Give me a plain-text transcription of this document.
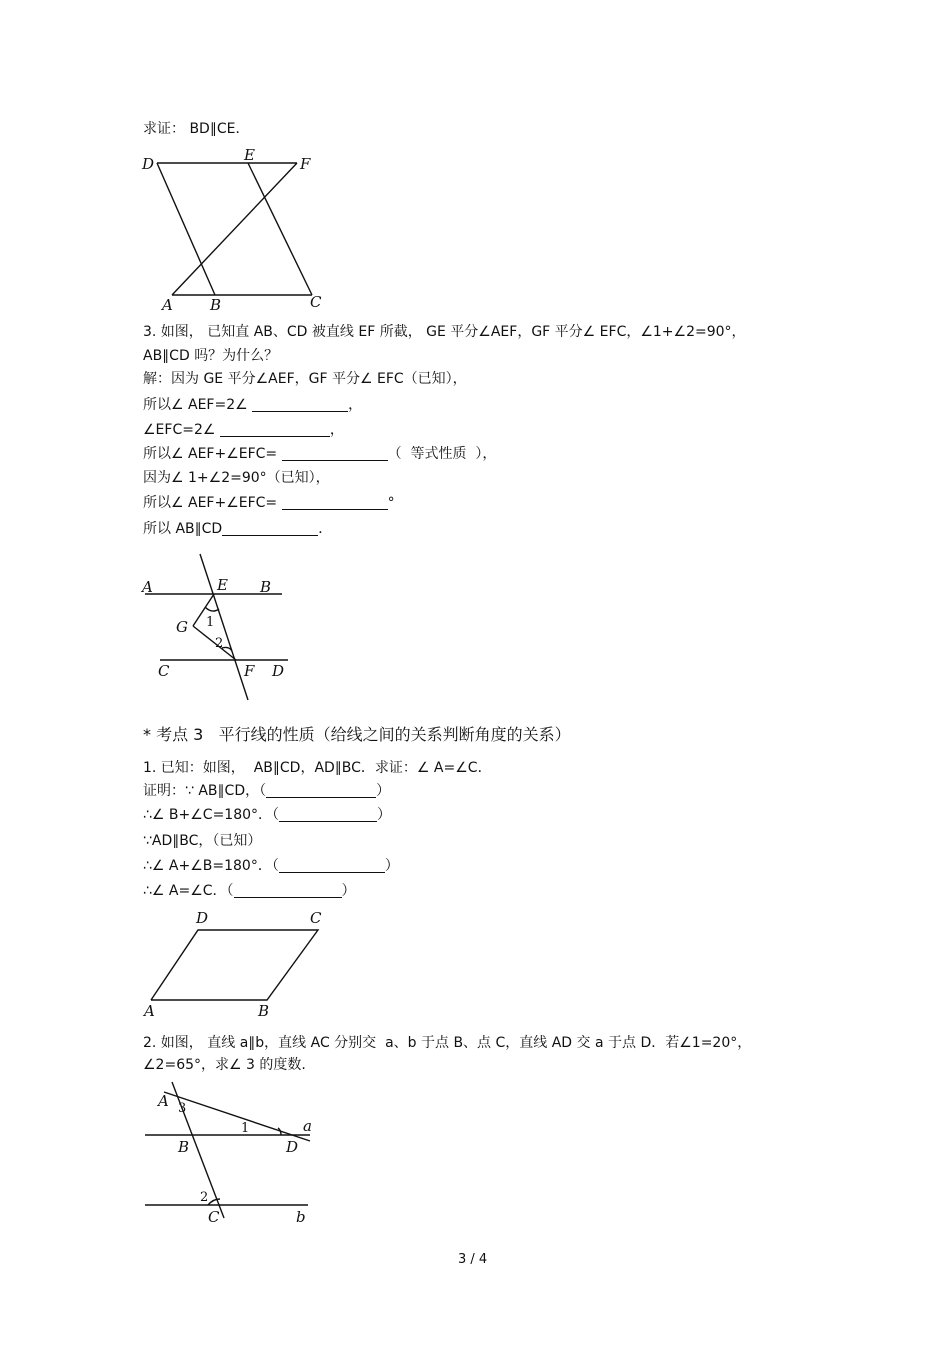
求证： BD∥CE．
D	E	F
A B	C
3. 如图， 已知直 AB、CD 被直线 EF 所截， GE 平分∠AEF，GF 平分∠ EFC，∠1+∠2=90°，
AB∥CD 吗？为什么？
解：因为 GE 平分∠AEF，GF 平分∠ EFC（已知），
所以∠ AEF=2∠	，
∠EFC=2∠	，
所以∠ AEF+∠EFC=	（  等式性质  ），
因为∠ 1+∠2=90°（已知），
所以∠ AEF+∠EFC=	°
所以 AB∥CD	．
A	E B
G 1
2
C	F D
* 考点 3   平行线的性质（给线之间的关系判断角度的关系）
1. 已知：如图，  AB∥CD，AD∥BC．求证：∠ A=∠C．
证明：∵ AB∥CD，（	）
∴∠ B+∠C=180°．（	）
∵AD∥BC，（已知）
∴∠ A+∠B=180°．（	）
∴∠ A=∠C．（	）
D	C
A	B
2. 如图， 直线 a∥b，直线 AC 分别交  a、b 于点 B、点 C，直线 AD 交 a 于点 D．若∠1=20°，
∠2=65°，求∠ 3 的度数.
A 3
1	a
B	D
2
C	b
3 / 4
